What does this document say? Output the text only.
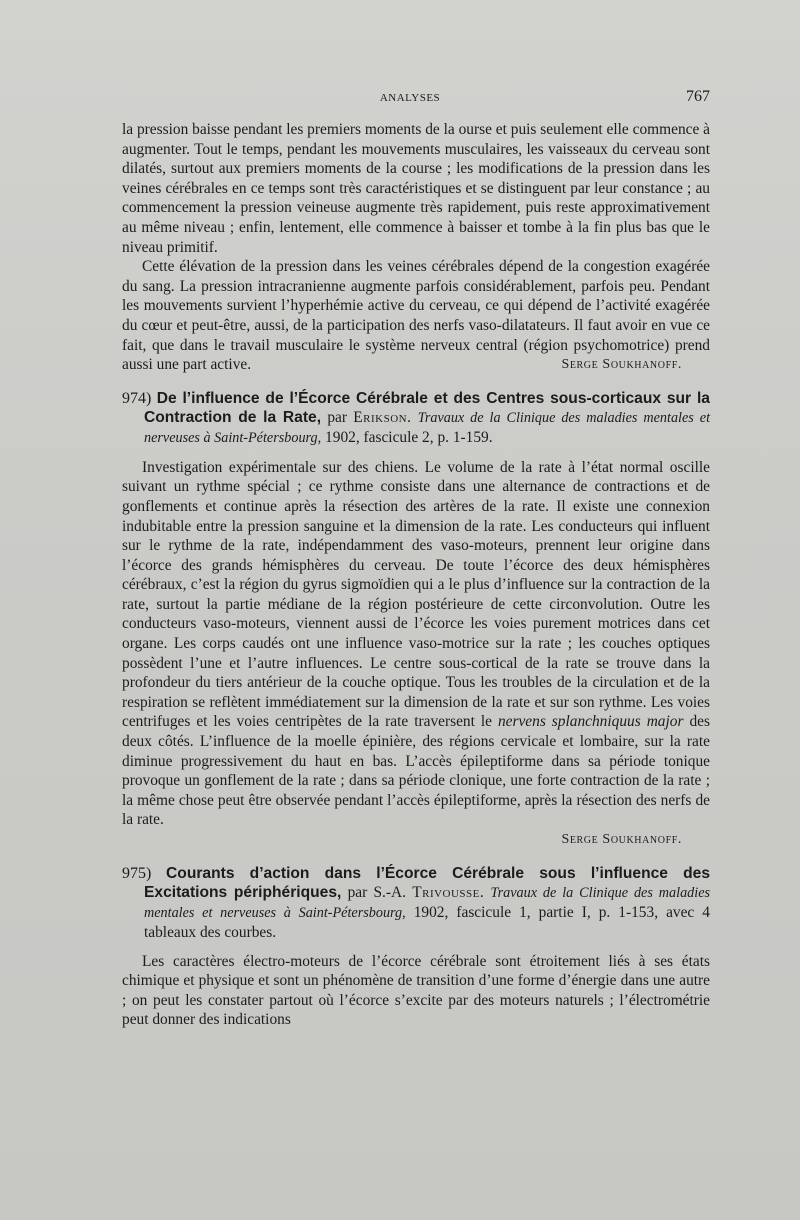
ANALYSES	767

la pression baisse pendant les premiers moments de la ourse et puis seulement elle commence à augmenter. Tout le temps, pendant les mouvements musculaires, les vaisseaux du cerveau sont dilatés, surtout aux premiers moments de la course ; les modifications de la pression dans les veines cérébrales en ce temps sont très caractéristiques et se distinguent par leur constance ; au commencement la pression veineuse augmente très rapidement, puis reste approximativement au même niveau ; enfin, lentement, elle commence à baisser et tombe à la fin plus bas que le niveau primitif.

Cette élévation de la pression dans les veines cérébrales dépend de la congestion exagérée du sang. La pression intracranienne augmente parfois considérablement, parfois peu. Pendant les mouvements survient l’hyperhémie active du cerveau, ce qui dépend de l’activité exagérée du cœur et peut-être, aussi, de la participation des nerfs vaso-dilatateurs. Il faut avoir en vue ce fait, que dans le travail musculaire le système nerveux central (région psychomotrice) prend aussi une part active.	Serge Soukhanoff.

974) De l’influence de l’Écorce Cérébrale et des Centres sous-corticaux sur la Contraction de la Rate, par Erikson. Travaux de la Clinique des maladies mentales et nerveuses à Saint-Pétersbourg, 1902, fascicule 2, p. 1-159.

Investigation expérimentale sur des chiens. Le volume de la rate à l’état normal oscille suivant un rythme spécial ; ce rythme consiste dans une alternance de contractions et de gonflements et continue après la résection des artères de la rate. Il existe une connexion indubitable entre la pression sanguine et la dimension de la rate. Les conducteurs qui influent sur le rythme de la rate, indépendamment des vaso-moteurs, prennent leur origine dans l’écorce des grands hémisphères du cerveau. De toute l’écorce des deux hémisphères cérébraux, c’est la région du gyrus sigmoïdien qui a le plus d’influence sur la contraction de la rate, surtout la partie médiane de la région postérieure de cette circonvolution. Outre les conducteurs vaso-moteurs, viennent aussi de l’écorce les voies purement motrices dans cet organe. Les corps caudés ont une influence vaso-motrice sur la rate ; les couches optiques possèdent l’une et l’autre influences. Le centre sous-cortical de la rate se trouve dans la profondeur du tiers antérieur de la couche optique. Tous les troubles de la circulation et de la respiration se reflètent immédiatement sur la dimension de la rate et sur son rythme. Les voies centrifuges et les voies centripètes de la rate traversent le nervens splanchniquus major des deux côtés. L’influence de la moelle épinière, des régions cervicale et lombaire, sur la rate diminue progressivement du haut en bas. L’accès épileptiforme dans sa période tonique provoque un gonflement de la rate ; dans sa période clonique, une forte contraction de la rate ; la même chose peut être observée pendant l’accès épileptiforme, après la résection des nerfs de la rate.

Serge Soukhanoff.

975) Courants d’action dans l’Écorce Cérébrale sous l’influence des Excitations périphériques, par S.-A. Trivousse. Travaux de la Clinique des maladies mentales et nerveuses à Saint-Pétersbourg, 1902, fascicule 1, partie I, p. 1-153, avec 4 tableaux des courbes.

Les caractères électro-moteurs de l’écorce cérébrale sont étroitement liés à ses états chimique et physique et sont un phénomène de transition d’une forme d’énergie dans une autre ; on peut les constater partout où l’écorce s’excite par des moteurs naturels ; l’électrométrie peut donner des indications
